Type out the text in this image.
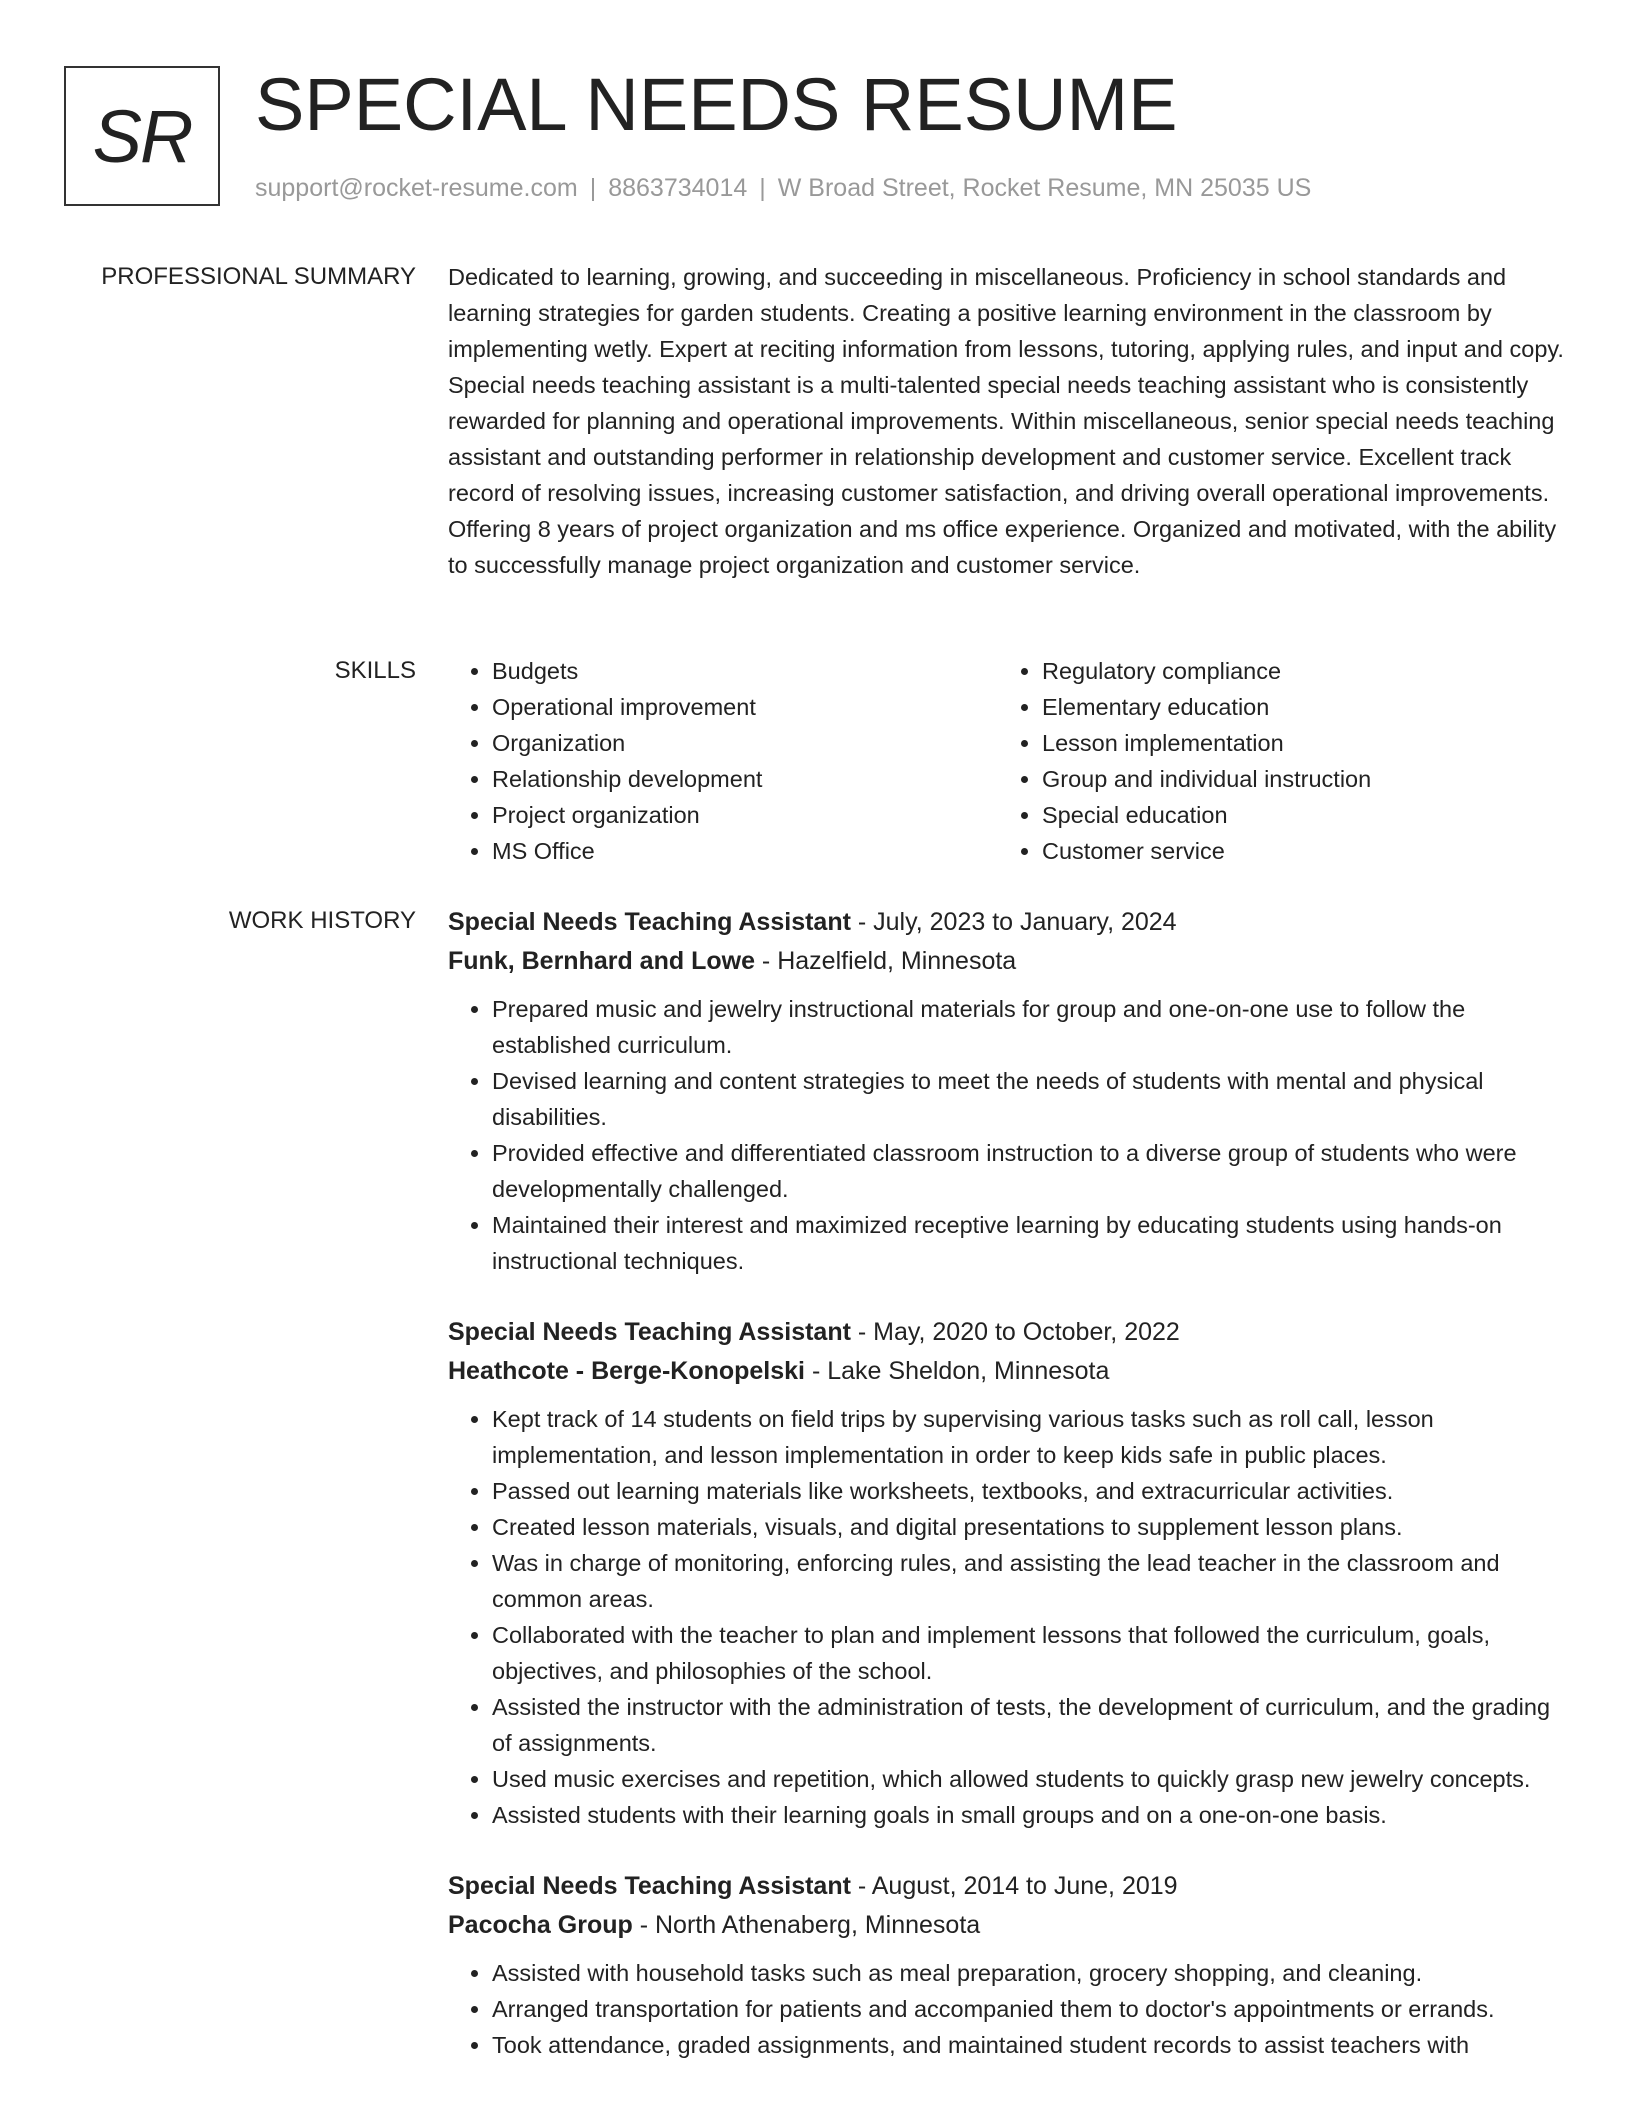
SR SPECIAL NEEDS RESUME
support@rocket-resume.com | 8863734014 | W Broad Street, Rocket Resume, MN 25035 US
PROFESSIONAL SUMMARY Dedicated to learning, growing, and succeeding in miscellaneous. Proficiency in school standards and learning strategies for garden students. Creating a positive learning environment in the classroom by implementing wetly. Expert at reciting information from lessons, tutoring, applying rules, and input and copy. Special needs teaching assistant is a multi-talented special needs teaching assistant who is consistently rewarded for planning and operational improvements. Within miscellaneous, senior special needs teaching assistant and outstanding performer in relationship development and customer service. Excellent track record of resolving issues, increasing customer satisfaction, and driving overall operational improvements. Offering 8 years of project organization and ms office experience. Organized and motivated, with the ability to successfully manage project organization and customer service.

SKILLS
•	Budgets
• Operational improvement
• Organization
• Relationship development
• Project organization
• MS Office
• Regulatory compliance
• Elementary education
• Lesson implementation
• Group and individual instruction
• Special education
• Customer service
WORK HISTORY Special Needs Teaching Assistant - July, 2023 to January, 2024

Funk, Bernhard and Lowe - Hazelfield, Minnesota

• Prepared music and jewelry instructional materials for group and one-on-one use to follow the established curriculum.
• Devised learning and content strategies to meet the needs of students with mental and physical disabilities.
• Provided effective and differentiated classroom instruction to a diverse group of students who were developmentally challenged.
• Maintained their interest and maximized receptive learning by educating students using hands-on instructional techniques.

Special Needs Teaching Assistant - May, 2020 to October, 2022

Heathcote - Berge-Konopelski - Lake Sheldon, Minnesota

• Kept track of 14 students on field trips by supervising various tasks such as roll call, lesson implementation, and lesson implementation in order to keep kids safe in public places.
• Passed out learning materials like worksheets, textbooks, and extracurricular activities.
• Created lesson materials, visuals, and digital presentations to supplement lesson plans.
• Was in charge of monitoring, enforcing rules, and assisting the lead teacher in the classroom and common areas.
• Collaborated with the teacher to plan and implement lessons that followed the curriculum, goals, objectives, and philosophies of the school.
• Assisted the instructor with the administration of tests, the development of curriculum, and the grading of assignments.
• Used music exercises and repetition, which allowed students to quickly grasp new jewelry concepts.
• Assisted students with their learning goals in small groups and on a one-on-one basis.

Special Needs Teaching Assistant - August, 2014 to June, 2019

Pacocha Group - North Athenaberg, Minnesota

• Assisted with household tasks such as meal preparation, grocery shopping, and cleaning.
• Arranged transportation for patients and accompanied them to doctor's appointments or errands.
• Took attendance, graded assignments, and maintained student records to assist teachers with
